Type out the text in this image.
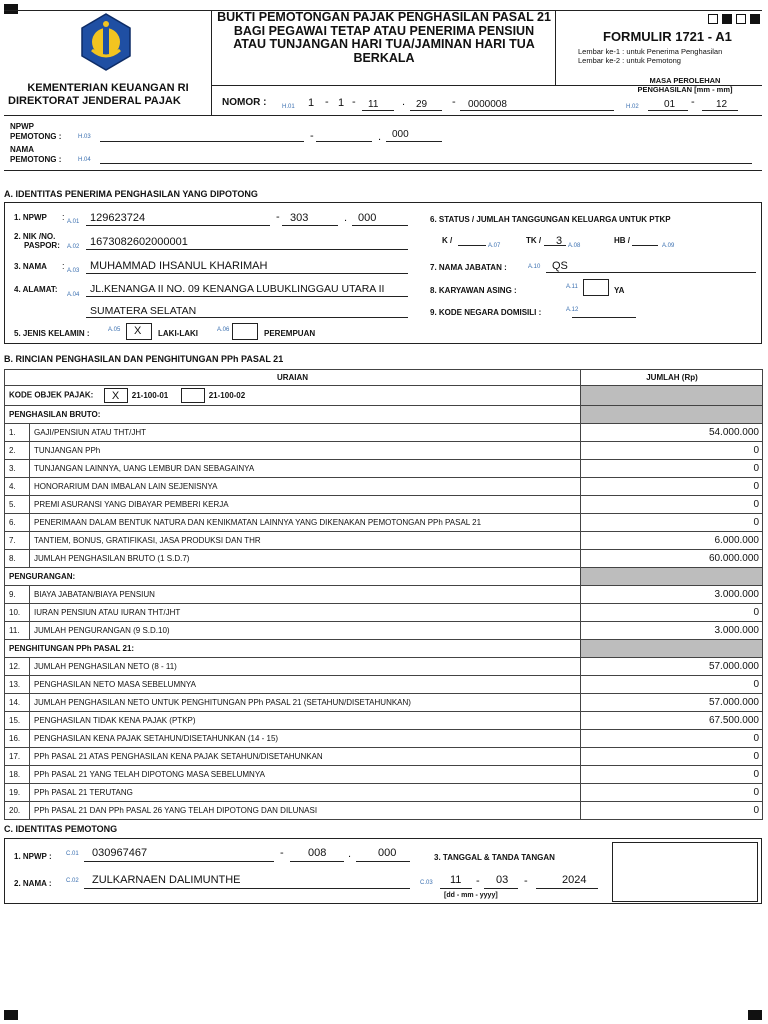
KEMENTERIAN KEUANGAN RI
DIREKTORAT JENDERAL PAJAK
BUKTI PEMOTONGAN PAJAK PENGHASILAN PASAL 21 BAGI PEGAWAI TETAP ATAU PENERIMA PENSIUN ATAU TUNJANGAN HARI TUA/JAMINAN HARI TUA BERKALA
FORMULIR 1721 - A1
Lembar ke-1 : untuk Penerima Penghasilan
Lembar ke-2 : untuk Pemotong
NOMOR :	H.01 1 - 1 - 11 . 29 - 0000008
MASA PEROLEHAN
PENGHASILAN [mm - mm]
H.02	01 - 12
NPWP
PEMOTONG :	H.03	-	. 000
NAMA
PEMOTONG :	H.04
A. IDENTITAS PENERIMA PENGHASILAN YANG DIPOTONG
1. NPWP : A.01 129623724	- 303	. 000
2. NIK /NO.
PASPOR: A.02 1673082602000001
3. NAMA : A.03 MUHAMMAD IHSANUL KHARIMAH
4. ALAMAT:
A.04 JL.KENANGA II NO. 09 KENANGA LUBUKLINGGAU UTARA II
SUMATERA SELATAN
5. JENIS KELAMIN :	A.05 X LAKI-LAKI	A.06	PEREMPUAN
6. STATUS / JUMLAH TANGGUNGAN KELUARGA UNTUK PTKP
K /
A.07
TK / 3 A.08
HB /
A.09
7. NAMA JABATAN :	A.10 QS
8. KARYAWAN ASING :	A.11	YA
9. KODE NEGARA DOMISILI :	A.12
B. RINCIAN PENGHASILAN DAN PENGHITUNGAN PPh PASAL 21
URAIAN		JUMLAH (Rp)
KODE OBJEK PAJAK: X 21-100-01 21-100-02		
PENGHASILAN BRUTO:		
1.	GAJI/PENSIUN ATAU THT/JHT	54.000.000
2.	TUNJANGAN PPh	0
3.	TUNJANGAN LAINNYA, UANG LEMBUR DAN SEBAGAINYA	0
4.	HONORARIUM DAN IMBALAN LAIN SEJENISNYA	0
5.	PREMI ASURANSI YANG DIBAYAR PEMBERI KERJA	0
6.	PENERIMAAN DALAM BENTUK NATURA DAN KENIKMATAN LAINNYA YANG DIKENAKAN PEMOTONGAN PPh PASAL 21	0
7.	TANTIEM, BONUS, GRATIFIKASI, JASA PRODUKSI DAN THR	6.000.000
8.	JUMLAH PENGHASILAN BRUTO (1 S.D.7)	60.000.000
PENGURANGAN:		
9.	BIAYA JABATAN/BIAYA PENSIUN	3.000.000
10.	IURAN PENSIUN ATAU IURAN THT/JHT	0
11.	JUMLAH PENGURANGAN (9 S.D.10)	3.000.000
PENGHITUNGAN PPh PASAL 21:		
12.	JUMLAH PENGHASILAN NETO (8 - 11)	57.000.000
13.	PENGHASILAN NETO MASA SEBELUMNYA	0
14.	JUMLAH PENGHASILAN NETO UNTUK PENGHITUNGAN PPh PASAL 21 (SETAHUN/DISETAHUNKAN)	57.000.000
15.	PENGHASILAN TIDAK KENA PAJAK (PTKP)	67.500.000
16.	PENGHASILAN KENA PAJAK SETAHUN/DISETAHUNKAN (14 - 15)	0
17.	PPh PASAL 21 ATAS PENGHASILAN KENA PAJAK SETAHUN/DISETAHUNKAN	0
18.	PPh PASAL 21 YANG TELAH DIPOTONG MASA SEBELUMNYA	0
19.	PPh PASAL 21 TERUTANG	0
20.	PPh PASAL 21 DAN PPh PASAL 26 YANG TELAH DIPOTONG DAN DILUNASI	0
C. IDENTITAS PEMOTONG
1. NPWP : C.01 030967467	- 008 . 000	3. TANGGAL & TANDA TANGAN
2. NAMA : C.02 ZULKARNAEN DALIMUNTHE	C.03 11 - 03 -	2024
[dd - mm - yyyy]
